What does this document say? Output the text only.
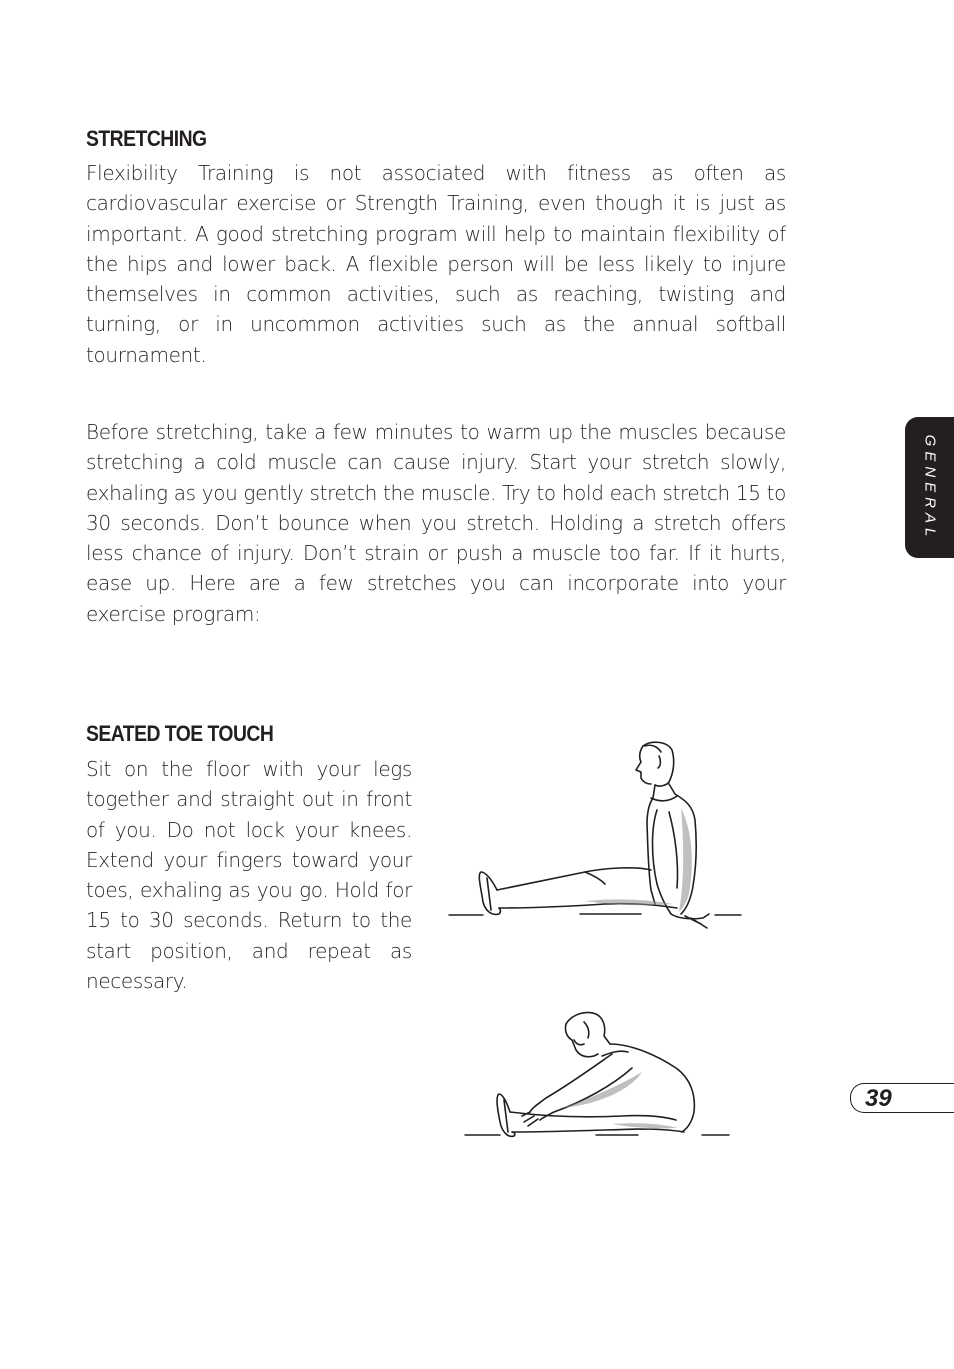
STRETCHING

Flexibility Training is not associated with fitness as often as cardiovascular exercise or Strength Training, even though it is just as important. A good stretching program will help to maintain flexibility of the hips and lower back. A flexible person will be less likely to injure themselves in common activities, such as reaching, twisting and turning, or in uncommon activities such as the annual softball tournament.

Before stretching, take a few minutes to warm up the muscles because stretching a cold muscle can cause injury. Start your stretch slowly, exhaling as you gently stretch the muscle. Try to hold each stretch 15 to 30 seconds. Don’t bounce when you stretch. Holding a stretch offers less chance of injury. Don’t strain or push a muscle too far. If it hurts, ease up. Here are a few stretches you can incorporate into your exercise program:

SEATED TOE TOUCH

Sit on the floor with your legs together and straight out in front of you. Do not lock your knees. Extend your fingers toward your toes, exhaling as you go. Hold for 15 to 30 seconds. Return to the start position, and repeat as necessary.

GENERAL
39
